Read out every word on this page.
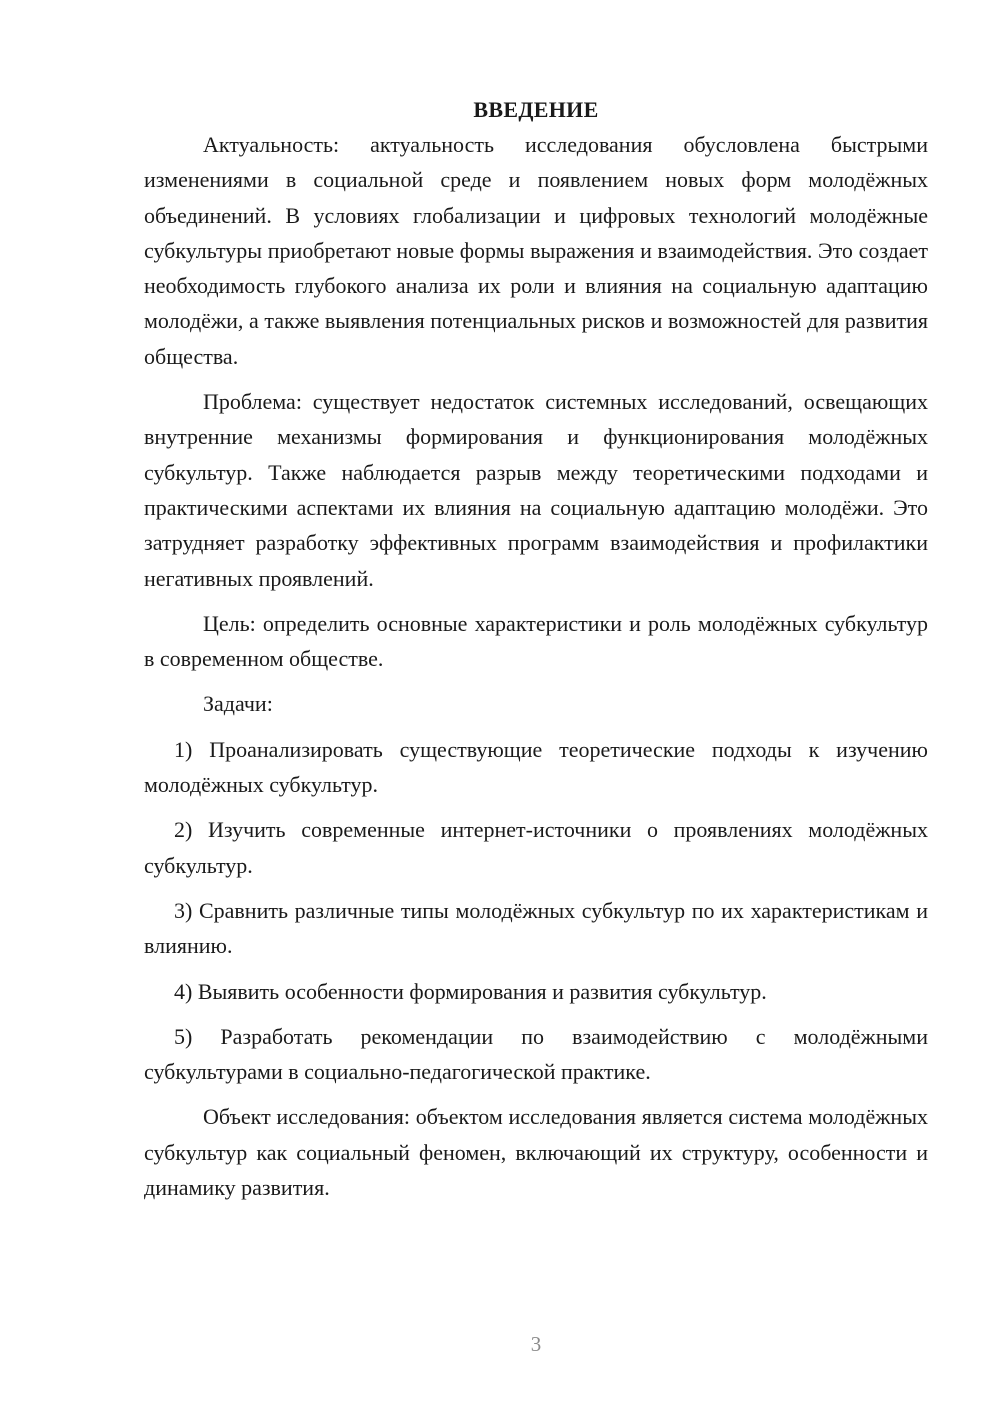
ВВЕДЕНИЕ

Актуальность: актуальность исследования обусловлена быстрыми изменениями в социальной среде и появлением новых форм молодёжных объединений. В условиях глобализации и цифровых технологий молодёжные субкультуры приобретают новые формы выражения и взаимодействия. Это создает необходимость глубокого анализа их роли и влияния на социальную адаптацию молодёжи, а также выявления потенциальных рисков и возможностей для развития общества.

Проблема: существует недостаток системных исследований, освещающих внутренние механизмы формирования и функционирования молодёжных субкультур. Также наблюдается разрыв между теоретическими подходами и практическими аспектами их влияния на социальную адаптацию молодёжи. Это затрудняет разработку эффективных программ взаимодействия и профилактики негативных проявлений.

Цель: определить основные характеристики и роль молодёжных субкультур в современном обществе.

Задачи:

1) Проанализировать существующие теоретические подходы к изучению молодёжных субкультур.

2) Изучить современные интернет-источники о проявлениях молодёжных субкультур.

3) Сравнить различные типы молодёжных субкультур по их характеристикам и влиянию.

4) Выявить особенности формирования и развития субкультур.

5) Разработать рекомендации по взаимодействию с молодёжными субкультурами в социально-педагогической практике.

Объект исследования: объектом исследования является система молодёжных субкультур как социальный феномен, включающий их структуру, особенности и динамику развития.

3
